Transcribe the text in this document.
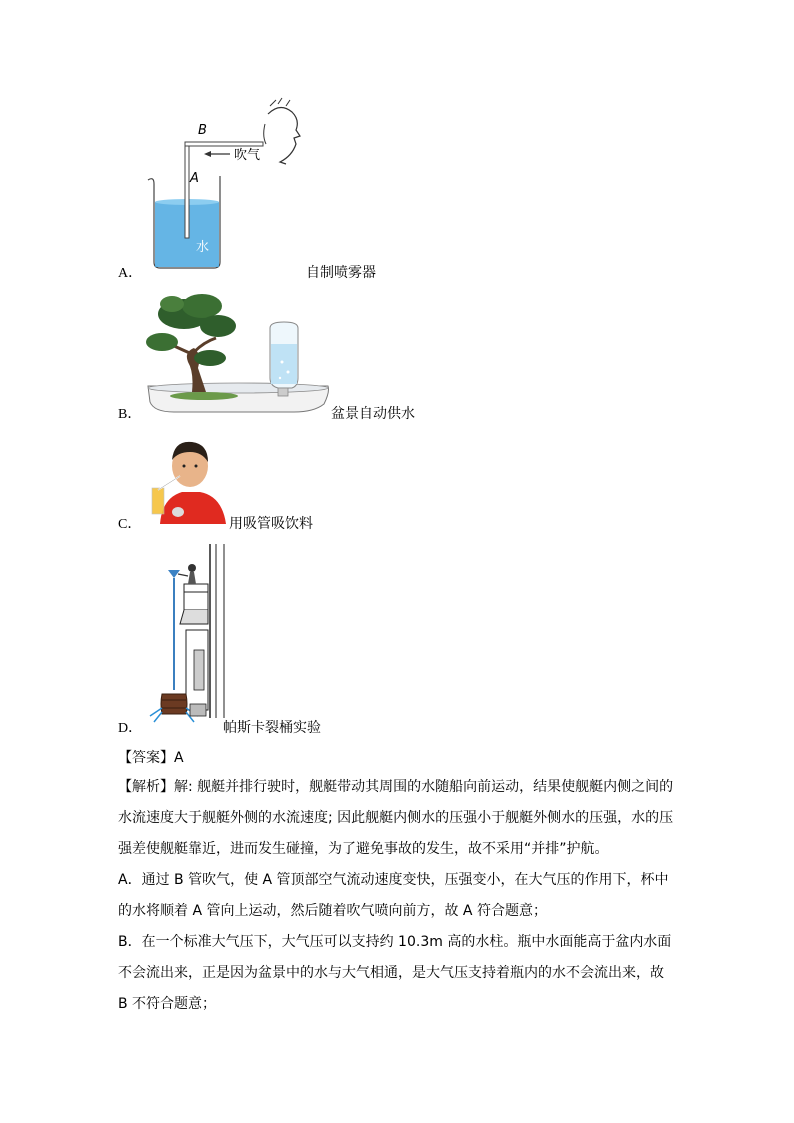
B
A
吹气
水
A．	自制喷雾器
B．	盆景自动供水
C．	用吸管吸饮料
D．	帕斯卡裂桶实验
【答案】A

【解析】解: 舰艇并排行驶时，舰艇带动其周围的水随船向前运动，结果使舰艇内侧之间的水流速度大于舰艇外侧的水流速度; 因此舰艇内侧水的压强小于舰艇外侧水的压强，水的压强差使舰艇靠近，进而发生碰撞，为了避免事故的发生，故不采用“并排”护航。

A．通过 B 管吹气，使 A 管顶部空气流动速度变快，压强变小，在大气压的作用下，杯中的水将顺着 A 管向上运动，然后随着吹气喷向前方，故 A 符合题意；

B．在一个标准大气压下，大气压可以支持约 10.3m 高的水柱。瓶中水面能高于盆内水面不会流出来，正是因为盆景中的水与大气相通，是大气压支持着瓶内的水不会流出来，故 B 不符合题意；
